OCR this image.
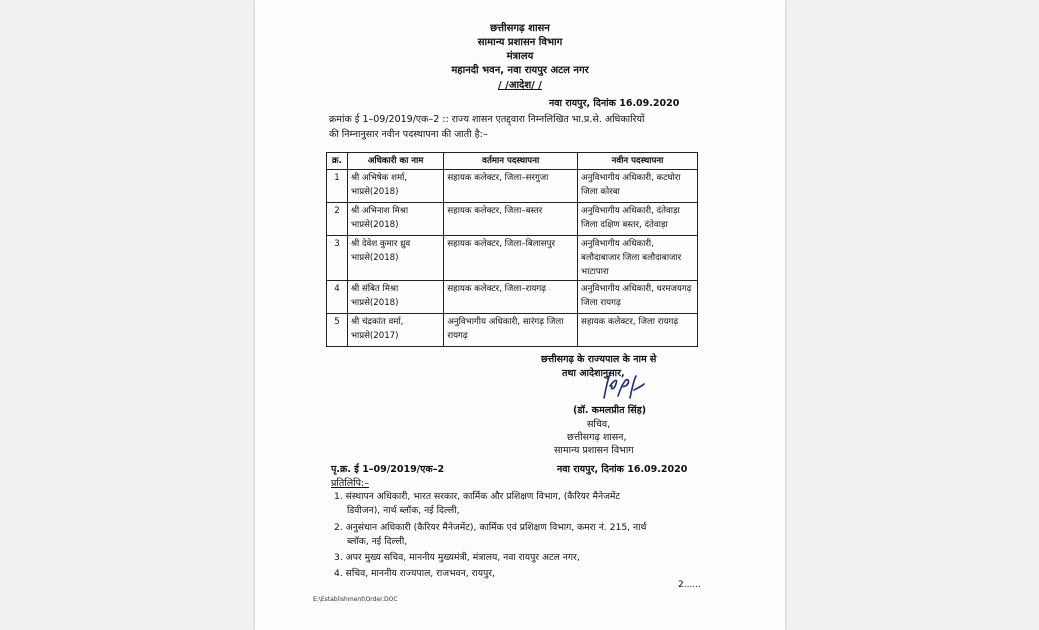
छत्तीसगढ़ शासन
सामान्य प्रशासन विभाग
मंत्रालय
महानदी भवन, नवा रायपुर अटल नगर
/ /आदेश/ /
नवा रायपुर, दिनांक 16.09.2020
क्रमांक ई 1–09/2019/एक–2 :: राज्य शासन एतद्द्वारा निम्नलिखित भा.प्र.से. अधिकारियों
की निम्नानुसार नवीन पदस्थापना की जाती है:–
क्र.	अधिकारी का नाम	वर्तमान पदस्थापना	नवीन पदस्थापना
1	श्री अभिषेक शर्मा, भाप्रसे(2018)	सहायक कलेक्टर, जिला–सरगुजा	अनुविभागीय अधिकारी, कटघोरा जिला कोरबा
2	श्री अभिनाश मिश्रा भाप्रसे(2018)	सहायक कलेक्टर, जिला–बस्तर	अनुविभागीय अधिकारी, दंतेवाड़ा जिला दक्षिण बस्तर, दंतेवाड़ा
3	श्री देवेश कुमार ध्रुव भाप्रसे(2018)	सहायक कलेक्टर, जिला–बिलासपुर	अनुविभागीय अधिकारी, बलौदाबाजार जिला बलौदाबाजार भाटापारा
4	श्री संबित मिश्रा भाप्रसे(2018)	सहायक कलेक्टर, जिला–रायगढ़	अनुविभागीय अधिकारी, धरमजयगढ़ जिला रायगढ़
5	श्री चंद्रकांत वर्मा, भाप्रसे(2017)	अनुविभागीय अधिकारी, सारंगढ़ जिला रायगढ़	सहायक कलेक्टर, जिला रायगढ़
छत्तीसगढ़ के राज्यपाल के नाम से
तथा आदेशानुसार,
(डॉ. कमलप्रीत सिंह)
सचिव,
छत्तीसगढ़ शासन,
सामान्य प्रशासन विभाग
पृ.क्र. ई 1–09/2019/एक–2	नवा रायपुर, दिनांक 16.09.2020
प्रतिलिपि:–
1. संस्थापन अधिकारी, भारत सरकार, कार्मिक और प्रशिक्षण विभाग, (कैरियर मैनेजमेंट
डिवीजन), नार्थ ब्लॉक, नई दिल्ली,
2. अनुसंधान अधिकारी (कैरियर मैनेजमेंट), कार्मिक एवं प्रशिक्षण विभाग, कमरा नं. 215, नार्थ
ब्लॉक, नई दिल्ली,
3. अपर मुख्य सचिव, माननीय मुख्यमंत्री, मंत्रालय, नवा रायपुर अटल नगर,
4. सचिव, माननीय राज्यपाल, राजभवन, रायपुर,
2......
E:\Establishment\Order.DOC
